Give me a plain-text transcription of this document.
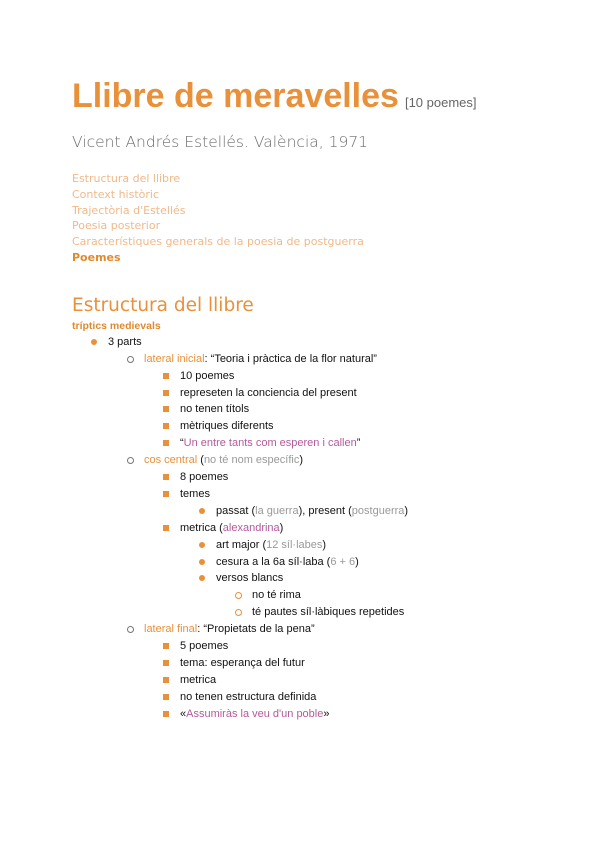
Llibre de meravelles [10 poemes]

Vicent Andrés Estellés. València, 1971
Estructura del llibre
Context històric
Trajectòria d'Estellés
Poesia posterior
Característiques generals de la poesia de postguerra
Poemes
Estructura del llibre
tríptics medievals
3 parts
lateral inicial: “Teoria i pràctica de la flor natural”
10 poemes
represeten la conciencia del present
no tenen títols
mètriques diferents
“Un entre tants com esperen i callen”
cos central (no té nom específic)
8 poemes
temes
passat (la guerra), present (postguerra)
metrica (alexandrina)
art major (12 síl·labes)
cesura a la 6a síl·laba (6 + 6)
versos blancs
no té rima
té pautes síl·làbiques repetides
lateral final: “Propietats de la pena”
5 poemes
tema: esperança del futur
metrica
no tenen estructura definida
«Assumiràs la veu d'un poble»
